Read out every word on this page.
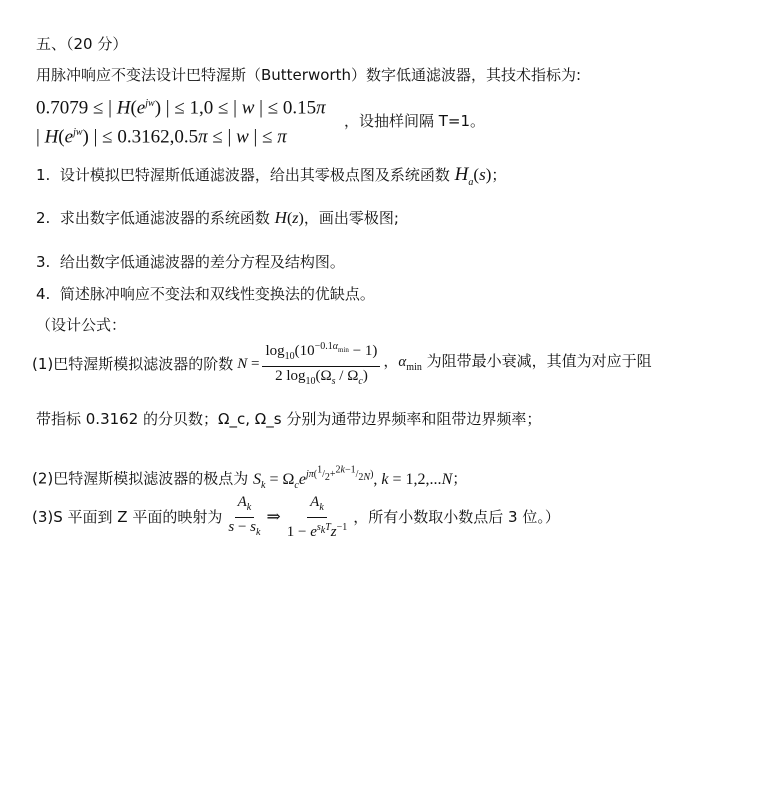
五、（20 分）
用脉冲响应不变法设计巴特渥斯（Butterworth）数字低通滤波器，其技术指标为:
0.7079 ≤ | $H(e^{jw})$ | ≤ 1,0 ≤ | w | ≤ 0.15π
| $H(e^{jw})$ | ≤ 0.3162,0.5π ≤ | w | ≤ π
，设抽样间隔 T=1。
1. 设计模拟巴特渥斯低通滤波器，给出其零极点图及系统函数 $H_a(s)$；
2. 求出数字低通滤波器的系统函数 H(z)，画出零极图;
3. 给出数字低通滤波器的差分方程及结构图。
4. 简述脉冲响应不变法和双线性变换法的优缺点。
（设计公式：
(1)巴特渥斯模拟滤波器的阶数 $N = \frac{\log_{10}(10^{-0.1\alpha_{min}} - 1)}{2 \log_{10}(\Omega_s / \Omega_c)}$ ，$\alpha_{min}$ 为阻带最小衰减，其值为对应于阻
带指标 0.3162 的分贝数；Ω_c, Ω_s 分别为通带边界频率和阻带边界频率；
(2)巴特渥斯模拟滤波器的极点为 $S_k = \Omega_ce^{j\pi(^1/_2+^{2k-1}/_{2N})}$, k = 1,2,...N；
(3)S 平面到 Z 平面的映射为 $\frac{A_k}{s - s_k}$ ⇒ $\frac{A_k}{1 - e^{s_kT}z^{-1}}$ ，所有小数取小数点后 3 位。）
